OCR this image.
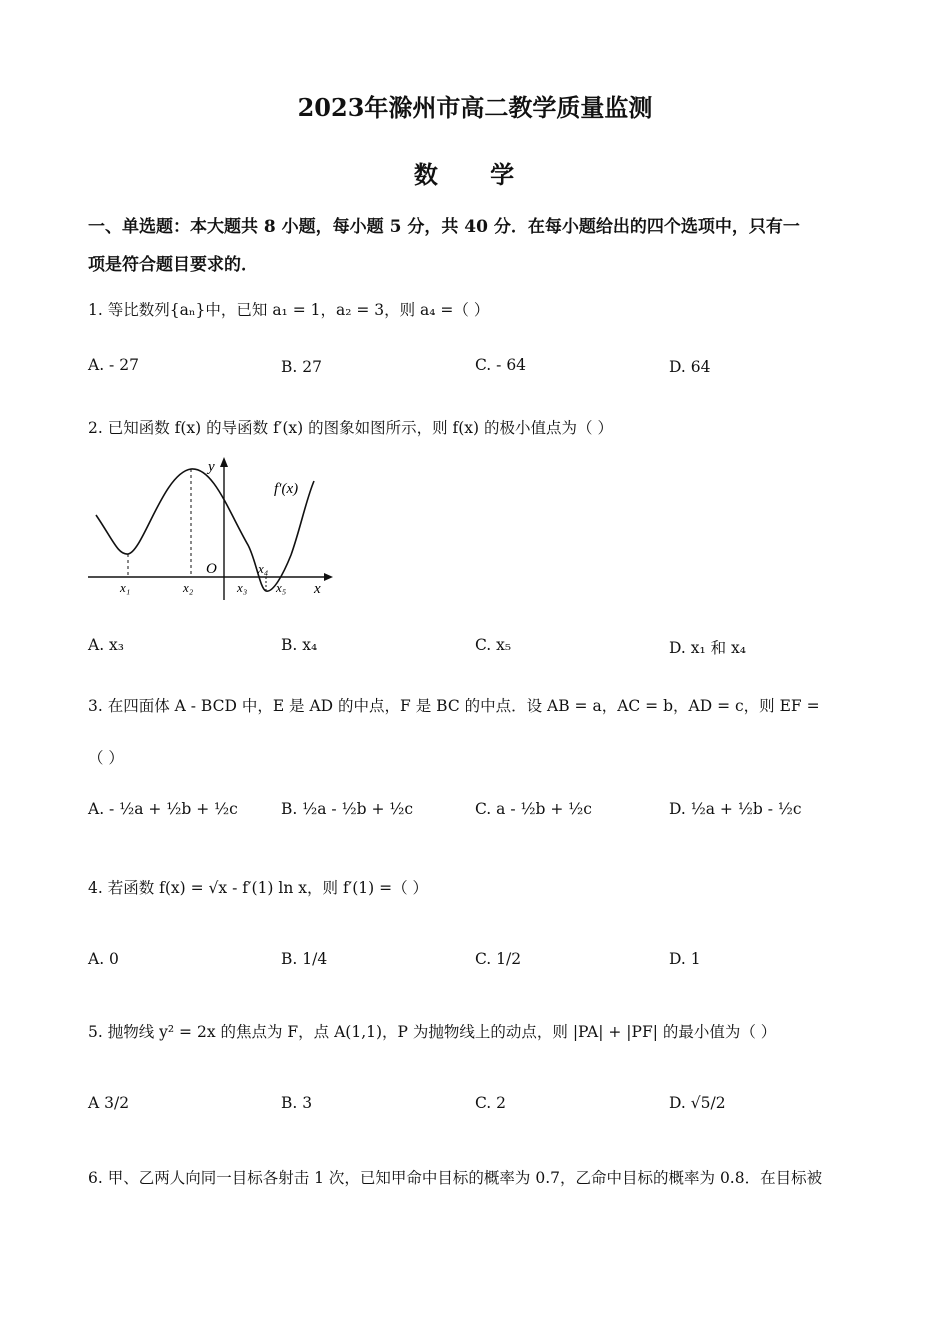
2023年滁州市高二教学质量监测
数 学
一、单选题：本大题共 8 小题，每小题 5 分，共 40 分．在每小题给出的四个选项中，只有一
项是符合题目要求的．
1. 等比数列{aₙ}中，已知 a₁ = 1，a₂ = 3，则 a₄ =（ ）
A. - 27	B. 27	C. - 64	D. 64
2. 已知函数 f(x) 的导函数 f′(x) 的图象如图所示，则 f(x) 的极小值点为（ ）
y
x
O
f′(x)
x₁	x₂	x₃
x₄
x₅
A. x₃	B. x₄	C. x₅	D. x₁ 和 x₄
3. 在四面体 A - BCD 中，E 是 AD 的中点，F 是 BC 的中点．设 AB = a，AC = b，AD = c，则 EF =
（ ）
A. - ½a + ½b + ½c	B. ½a - ½b + ½c	C. a - ½b + ½c	D. ½a + ½b - ½c
4. 若函数 f(x) = √x - f′(1) ln x，则 f′(1) =（ ）
A. 0	B. 1/4	C. 1/2	D. 1
5. 抛物线 y² = 2x 的焦点为 F，点 A(1,1)，P 为抛物线上的动点，则 |PA| + |PF| 的最小值为（ ）
A 3/2	B. 3	C. 2	D. √5/2
6. 甲、乙两人向同一目标各射击 1 次，已知甲命中目标的概率为 0.7，乙命中目标的概率为 0.8．在目标被
